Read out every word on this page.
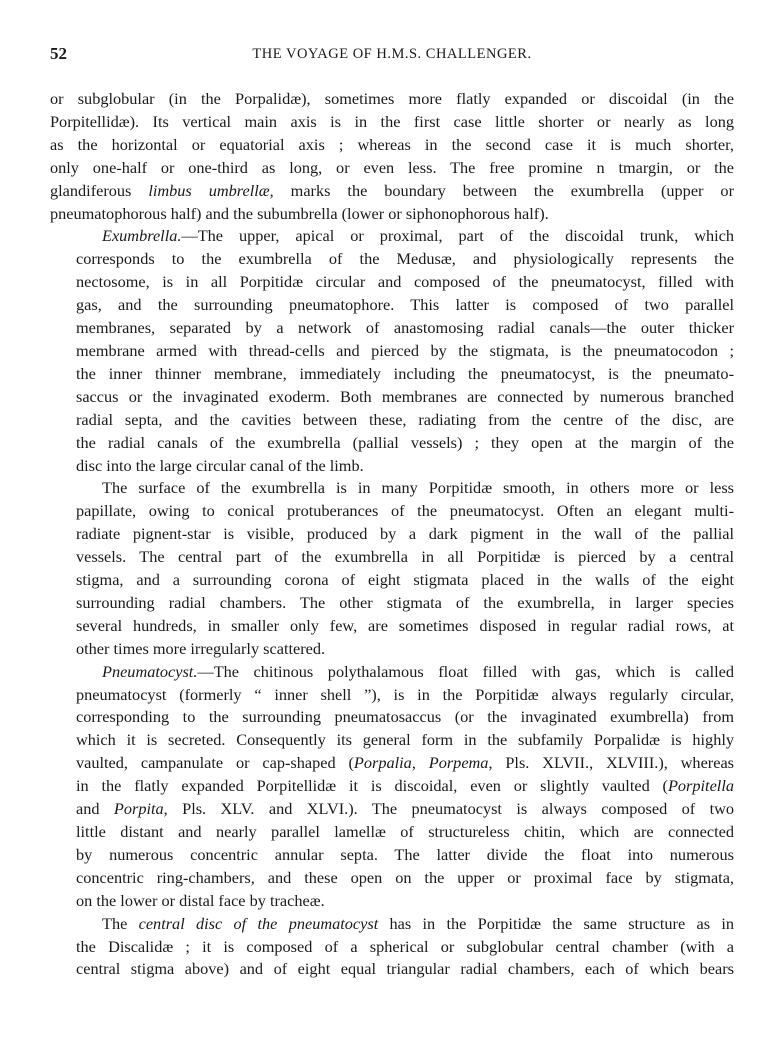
52	THE VOYAGE OF H.M.S. CHALLENGER.

or subglobular (in the Porpalidæ), sometimes more flatly expanded or discoidal (in the
Porpitellidæ). Its vertical main axis is in the first case little shorter or nearly as long
as the horizontal or equatorial axis ; whereas in the second case it is much shorter,
only one-half or one-third as long, or even less. The free promine n tmargin, or the
glandiferous limbus umbrellæ, marks the boundary between the exumbrella (upper or
pneumatophorous half) and the subumbrella (lower or siphonophorous half).

Exumbrella.—The upper, apical or proximal, part of the discoidal trunk, which
corresponds to the exumbrella of the Medusæ, and physiologically represents the
nectosome, is in all Porpitidæ circular and composed of the pneumatocyst, filled with
gas, and the surrounding pneumatophore. This latter is composed of two parallel
membranes, separated by a network of anastomosing radial canals—the outer thicker
membrane armed with thread-cells and pierced by the stigmata, is the pneumatocodon ;
the inner thinner membrane, immediately including the pneumatocyst, is the pneumato-
saccus or the invaginated exoderm. Both membranes are connected by numerous branched
radial septa, and the cavities between these, radiating from the centre of the disc, are
the radial canals of the exumbrella (pallial vessels) ; they open at the margin of the
disc into the large circular canal of the limb.

The surface of the exumbrella is in many Porpitidæ smooth, in others more or less
papillate, owing to conical protuberances of the pneumatocyst. Often an elegant multi-
radiate pignent-star is visible, produced by a dark pigment in the wall of the pallial
vessels. The central part of the exumbrella in all Porpitidæ is pierced by a central
stigma, and a surrounding corona of eight stigmata placed in the walls of the eight
surrounding radial chambers. The other stigmata of the exumbrella, in larger species
several hundreds, in smaller only few, are sometimes disposed in regular radial rows, at
other times more irregularly scattered.

Pneumatocyst.—The chitinous polythalamous float filled with gas, which is called
pneumatocyst (formerly “ inner shell ”), is in the Porpitidæ always regularly circular,
corresponding to the surrounding pneumatosaccus (or the invaginated exumbrella) from
which it is secreted. Consequently its general form in the subfamily Porpalidæ is highly
vaulted, campanulate or cap-shaped (Porpalia, Porpema, Pls. XLVII., XLVIII.), whereas
in the flatly expanded Porpitellidæ it is discoidal, even or slightly vaulted (Porpitella
and Porpita, Pls. XLV. and XLVI.). The pneumatocyst is always composed of two
little distant and nearly parallel lamellæ of structureless chitin, which are connected
by numerous concentric annular septa. The latter divide the float into numerous
concentric ring-chambers, and these open on the upper or proximal face by stigmata,
on the lower or distal face by tracheæ.

The central disc of the pneumatocyst has in the Porpitidæ the same structure as in
the Discalidæ ; it is composed of a spherical or subglobular central chamber (with a
central stigma above) and of eight equal triangular radial chambers, each of which bears
